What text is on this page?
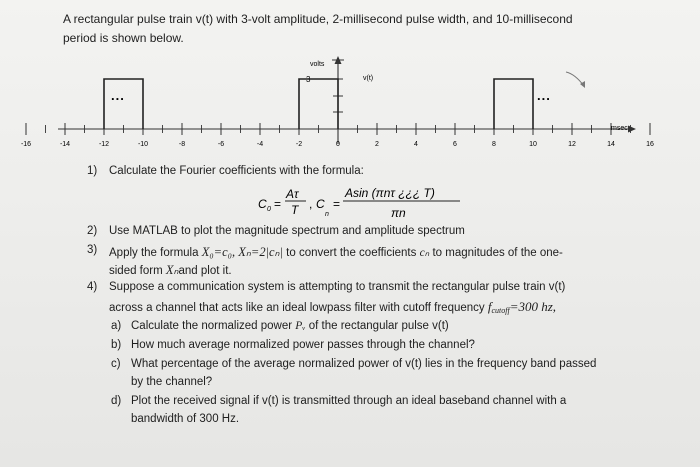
A rectangular pulse train v(t) with 3-volt amplitude, 2-millisecond pulse width, and 10-millisecond
period is shown below.
volts
3	v(t)
msec
...	...
-16	-14	-12	-10	-8	-6	-4	-2	0	2	4	6	8	10	12	14	16
1) Calculate the Fourier coefficients with the formula:
C 0 =
Aτ
T , C
n
=
Asin (πnτ ¿¿¿ T)
πn
2) Use MATLAB to plot the magnitude spectrum and amplitude spectrum
3) Apply the formula X₀=c₀, Xₙ=2|cₙ| to convert the coefficients cₙ to magnitudes of the one-
sided form Xₙand plot it.
4) Suppose a communication system is attempting to transmit the rectangular pulse train v(t)
across a channel that acts like an ideal lowpass filter with cutoff frequency $f_{cutoff}=300$ hz,
a) Calculate the normalized power Pᵥ of the rectangular pulse v(t)
b) How much average normalized power passes through the channel?
c) What percentage of the average normalized power of v(t) lies in the frequency band passed
by the channel?
d) Plot the received signal if v(t) is transmitted through an ideal baseband channel with a
bandwidth of 300 Hz.
